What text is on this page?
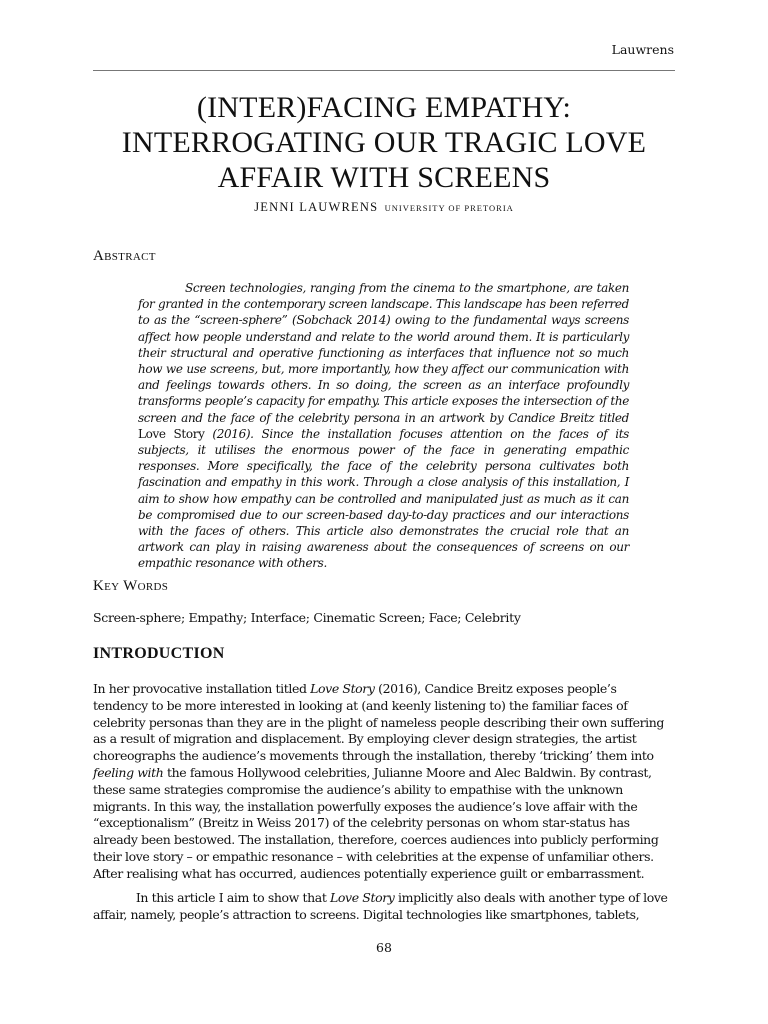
Lauwrens
(INTER)FACING EMPATHY:
INTERROGATING OUR TRAGIC LOVE
AFFAIR WITH SCREENS
JENNI LAUWRENS UNIVERSITY OF PRETORIA
Abstract
Screen technologies, ranging from the cinema to the smartphone, are taken for granted in the contemporary screen landscape. This landscape has been referred to as the “screen-sphere” (Sobchack 2014) owing to the fundamental ways screens affect how people understand and relate to the world around them. It is particularly their structural and operative functioning as interfaces that influence not so much how we use screens, but, more importantly, how they affect our communication with and feelings towards others. In so doing, the screen as an interface profoundly transforms people’s capacity for empathy. This article exposes the intersection of the screen and the face of the celebrity persona in an artwork by Candice Breitz titled Love Story (2016). Since the installation focuses attention on the faces of its subjects, it utilises the enormous power of the face in generating empathic responses. More specifically, the face of the celebrity persona cultivates both fascination and empathy in this work. Through a close analysis of this installation, I aim to show how empathy can be controlled and manipulated just as much as it can be compromised due to our screen-based day-to-day practices and our interactions with the faces of others. This article also demonstrates the crucial role that an artwork can play in raising awareness about the consequences of screens on our empathic resonance with others.
Key Words
Screen-sphere; Empathy; Interface; Cinematic Screen; Face; Celebrity
INTRODUCTION
In her provocative installation titled Love Story (2016), Candice Breitz exposes people’s
tendency to be more interested in looking at (and keenly listening to) the familiar faces of
celebrity personas than they are in the plight of nameless people describing their own suffering
as a result of migration and displacement. By employing clever design strategies, the artist
choreographs the audience’s movements through the installation, thereby ‘tricking’ them into
feeling with the famous Hollywood celebrities, Julianne Moore and Alec Baldwin. By contrast,
these same strategies compromise the audience’s ability to empathise with the unknown
migrants. In this way, the installation powerfully exposes the audience’s love affair with the
“exceptionalism” (Breitz in Weiss 2017) of the celebrity personas on whom star-status has
already been bestowed. The installation, therefore, coerces audiences into publicly performing
their love story – or empathic resonance – with celebrities at the expense of unfamiliar others.
After realising what has occurred, audiences potentially experience guilt or embarrassment.
In this article I aim to show that Love Story implicitly also deals with another type of love
affair, namely, people’s attraction to screens. Digital technologies like smartphones, tablets,
68
